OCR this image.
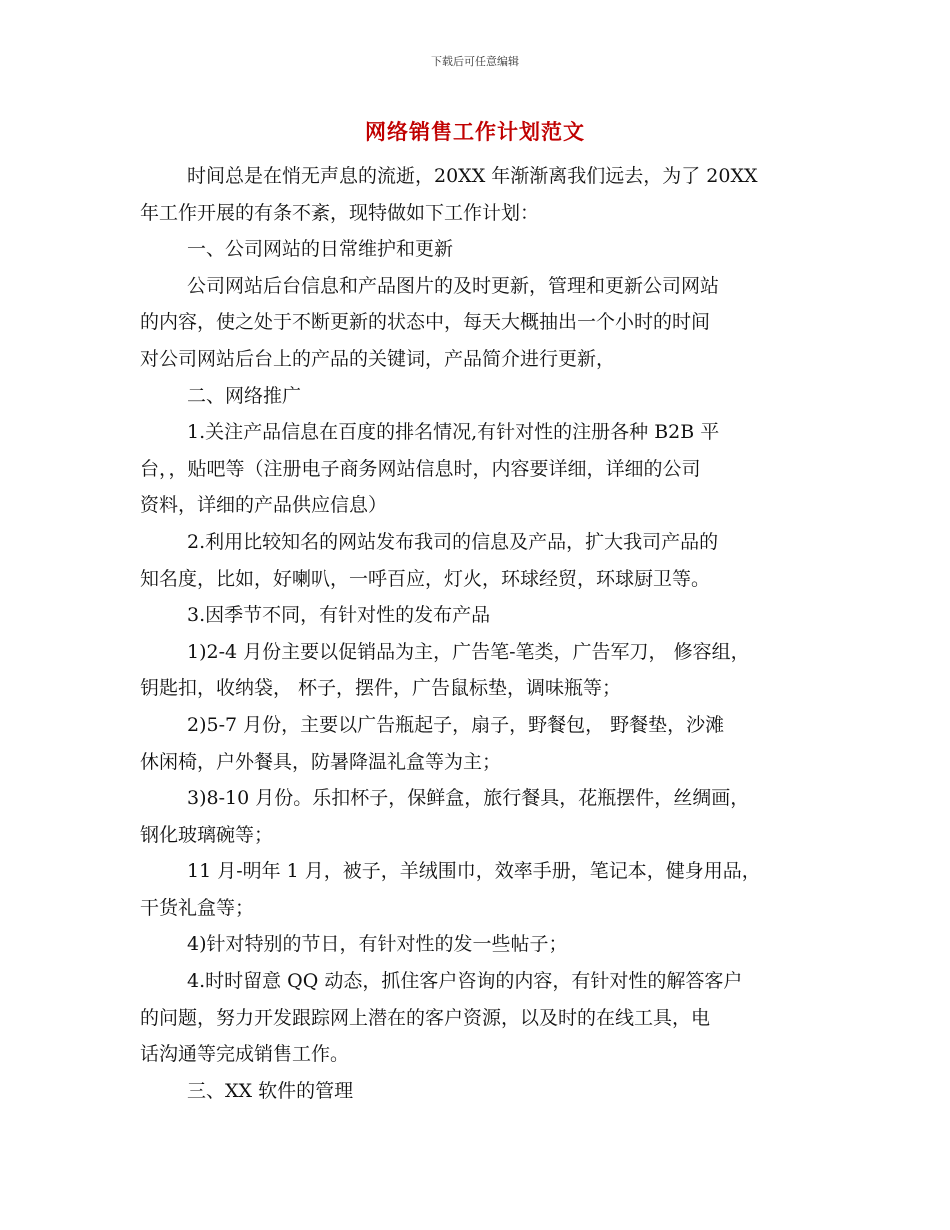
下载后可任意编辑
网络销售工作计划范文
时间总是在悄无声息的流逝，20XX 年渐渐离我们远去，为了 20XX
年工作开展的有条不紊，现特做如下工作计划：
一、公司网站的日常维护和更新
公司网站后台信息和产品图片的及时更新，管理和更新公司网站
的内容，使之处于不断更新的状态中，每天大概抽出一个小时的时间
对公司网站后台上的产品的关键词，产品简介进行更新，
二、网络推广
1.关注产品信息在百度的排名情况,有针对性的注册各种 B2B 平
台，，贴吧等（注册电子商务网站信息时，内容要详细，详细的公司
资料，详细的产品供应信息）
2.利用比较知名的网站发布我司的信息及产品，扩大我司产品的
知名度，比如，好喇叭，一呼百应，灯火，环球经贸，环球厨卫等。
3.因季节不同，有针对性的发布产品
1)2-4 月份主要以促销品为主，广告笔-笔类，广告军刀， 修容组，
钥匙扣，收纳袋， 杯子，摆件，广告鼠标垫，调味瓶等；
2)5-7 月份，主要以广告瓶起子，扇子，野餐包， 野餐垫，沙滩
休闲椅，户外餐具，防暑降温礼盒等为主；
3)8-10 月份。乐扣杯子，保鲜盒，旅行餐具，花瓶摆件，丝绸画，
钢化玻璃碗等；
11 月-明年 1 月，被子，羊绒围巾，效率手册，笔记本，健身用品，
干货礼盒等；
4)针对特别的节日，有针对性的发一些帖子；
4.时时留意 QQ 动态，抓住客户咨询的内容，有针对性的解答客户
的问题，努力开发跟踪网上潜在的客户资源，以及时的在线工具，电
话沟通等完成销售工作。
三、XX 软件的管理
